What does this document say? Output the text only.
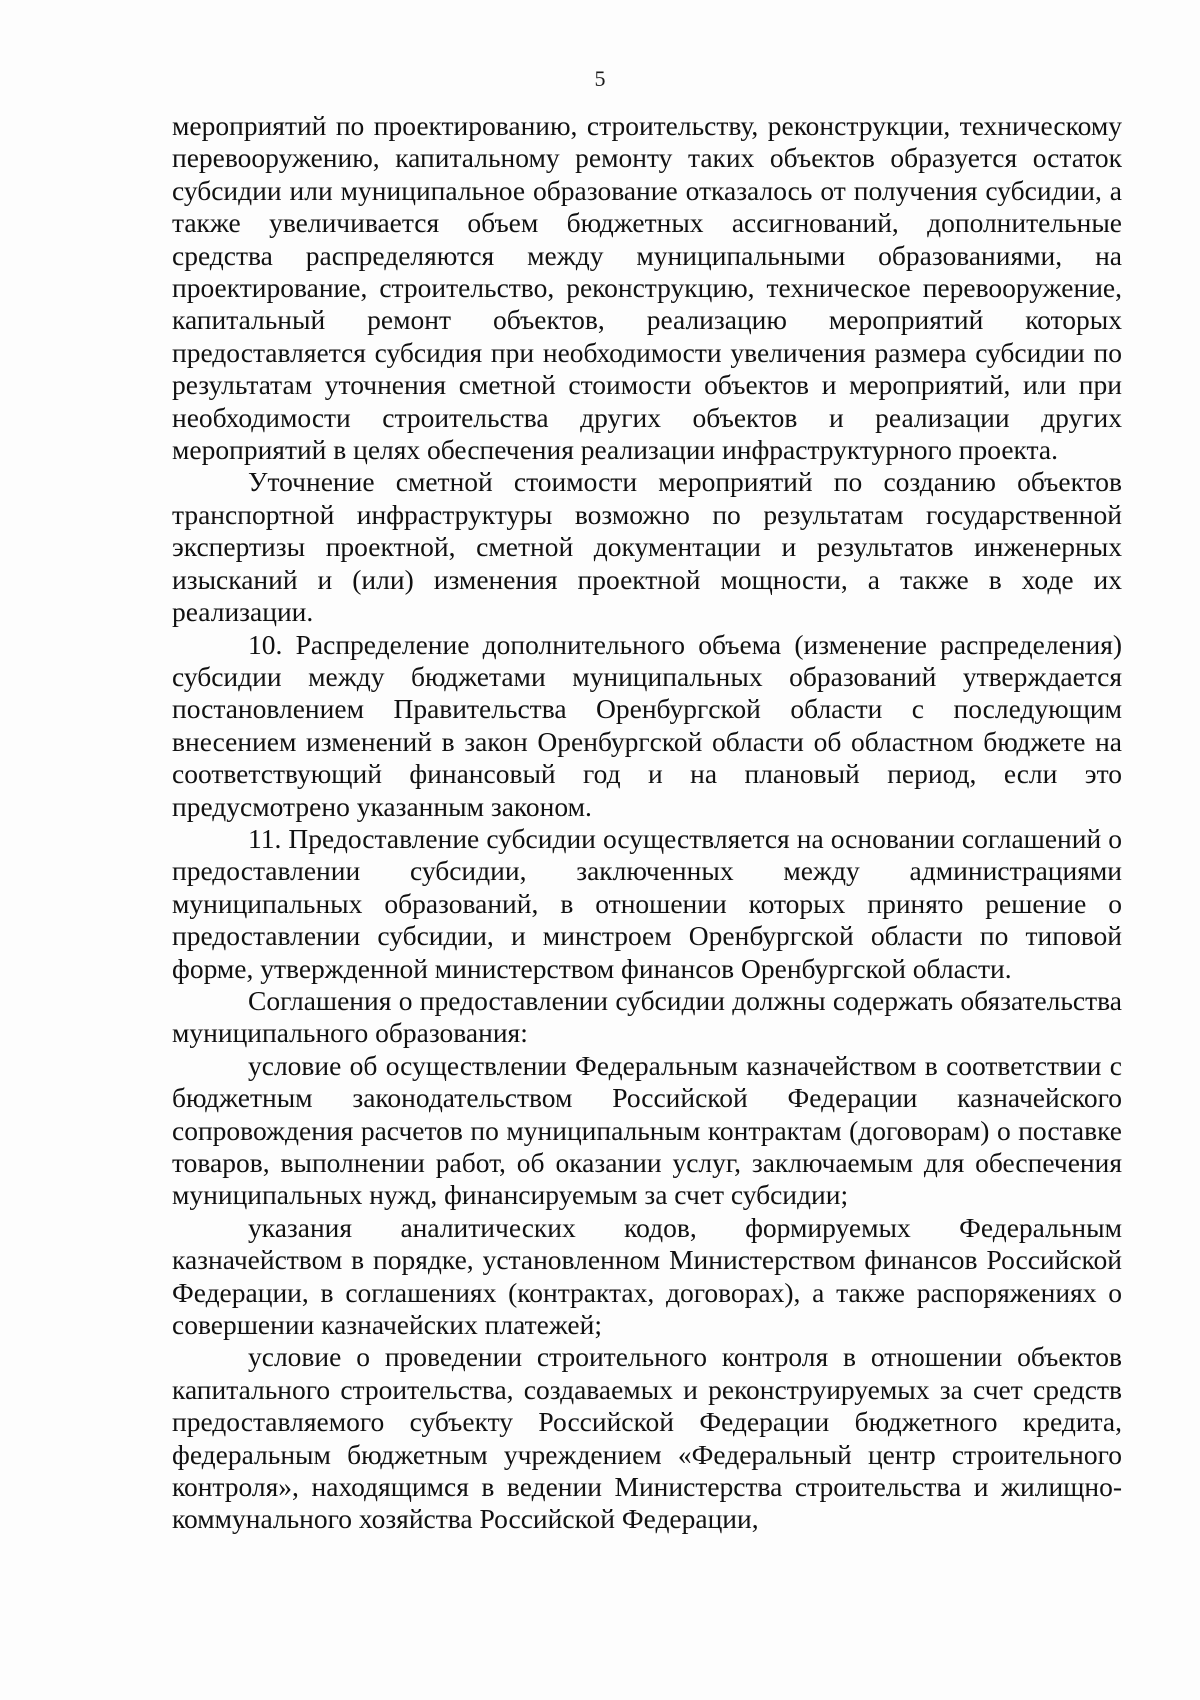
5

мероприятий по проектированию, строительству, реконструкции, техническому перевооружению, капитальному ремонту таких объектов образуется остаток субсидии или муниципальное образование отказалось от получения субсидии, а также увеличивается объем бюджетных ассигнований, дополнительные средства распределяются между муниципальными образованиями, на проектирование, строительство, реконструкцию, техническое перевооружение, капитальный ремонт объектов, реализацию мероприятий которых предоставляется субсидия при необходимости увеличения размера субсидии по результатам уточнения сметной стоимости объектов и мероприятий, или при необходимости строительства других объектов и реализации других мероприятий в целях обеспечения реализации инфраструктурного проекта.

Уточнение сметной стоимости мероприятий по созданию объектов транспортной инфраструктуры возможно по результатам государственной экспертизы проектной, сметной документации и результатов инженерных изысканий и (или) изменения проектной мощности, а также в ходе их реализации.

10. Распределение дополнительного объема (изменение распределения) субсидии между бюджетами муниципальных образований утверждается постановлением Правительства Оренбургской области с последующим внесением изменений в закон Оренбургской области об областном бюджете на соответствующий финансовый год и на плановый период, если это предусмотрено указанным законом.

11. Предоставление субсидии осуществляется на основании соглашений о предоставлении субсидии, заключенных между администрациями муниципальных образований, в отношении которых принято решение о предоставлении субсидии, и минстроем Оренбургской области по типовой форме, утвержденной министерством финансов Оренбургской области.

Соглашения о предоставлении субсидии должны содержать обязательства муниципального образования:

условие об осуществлении Федеральным казначейством в соответствии с бюджетным законодательством Российской Федерации казначейского сопровождения расчетов по муниципальным контрактам (договорам) о поставке товаров, выполнении работ, об оказании услуг, заключаемым для обеспечения муниципальных нужд, финансируемым за счет субсидии;

указания аналитических кодов, формируемых Федеральным казначейством в порядке, установленном Министерством финансов Российской Федерации, в соглашениях (контрактах, договорах), а также распоряжениях о совершении казначейских платежей;

условие о проведении строительного контроля в отношении объектов капитального строительства, создаваемых и реконструируемых за счет средств предоставляемого субъекту Российской Федерации бюджетного кредита, федеральным бюджетным учреждением «Федеральный центр строительного контроля», находящимся в ведении Министерства строительства и жилищно-коммунального хозяйства Российской Федерации,
